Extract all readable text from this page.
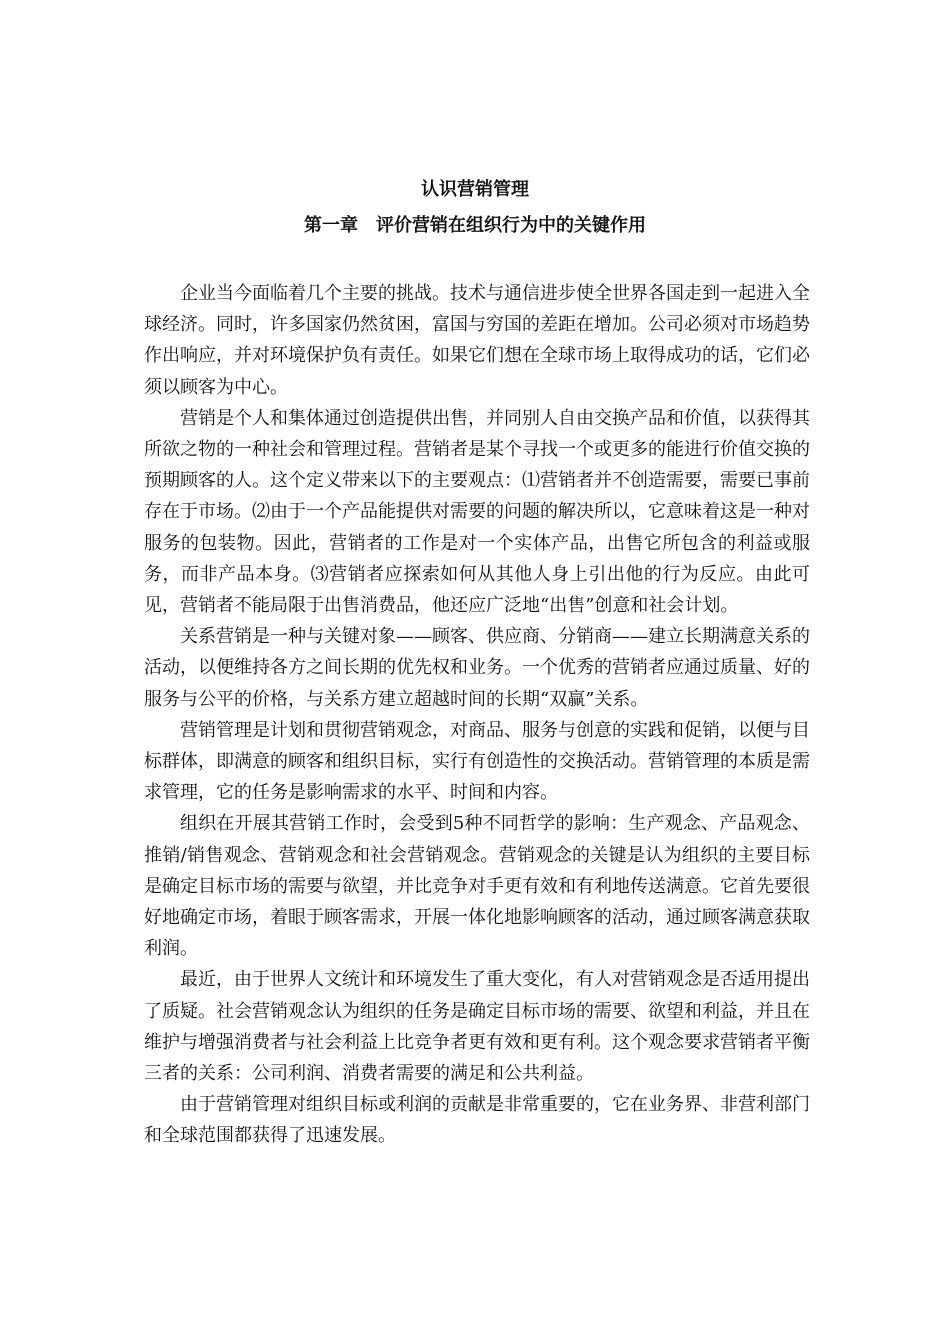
认识营销管理
第一章　评价营销在组织行为中的关键作用

企业当今面临着几个主要的挑战。技术与通信进步使全世界各国走到一起进入全球经济。同时，许多国家仍然贫困，富国与穷国的差距在增加。公司必须对市场趋势作出响应，并对环境保护负有责任。如果它们想在全球市场上取得成功的话，它们必须以顾客为中心。

营销是个人和集体通过创造提供出售，并同别人自由交换产品和价值，以获得其所欲之物的一种社会和管理过程。营销者是某个寻找一个或更多的能进行价值交换的预期顾客的人。这个定义带来以下的主要观点：⑴营销者并不创造需要，需要已事前存在于市场。⑵由于一个产品能提供对需要的问题的解决所以，它意味着这是一种对服务的包装物。因此，营销者的工作是对一个实体产品，出售它所包含的利益或服务，而非产品本身。⑶营销者应探索如何从其他人身上引出他的行为反应。由此可见，营销者不能局限于出售消费品，他还应广泛地“出售”创意和社会计划。

关系营销是一种与关键对象——顾客、供应商、分销商——建立长期满意关系的活动，以便维持各方之间长期的优先权和业务。一个优秀的营销者应通过质量、好的服务与公平的价格，与关系方建立超越时间的长期“双赢”关系。

营销管理是计划和贯彻营销观念，对商品、服务与创意的实践和促销，以便与目标群体，即满意的顾客和组织目标，实行有创造性的交换活动。营销管理的本质是需求管理，它的任务是影响需求的水平、时间和内容。

组织在开展其营销工作时，会受到5种不同哲学的影响：生产观念、产品观念、推销/销售观念、营销观念和社会营销观念。营销观念的关键是认为组织的主要目标是确定目标市场的需要与欲望，并比竞争对手更有效和有利地传送满意。它首先要很好地确定市场，着眼于顾客需求，开展一体化地影响顾客的活动，通过顾客满意获取利润。

最近，由于世界人文统计和环境发生了重大变化，有人对营销观念是否适用提出了质疑。社会营销观念认为组织的任务是确定目标市场的需要、欲望和利益，并且在维护与增强消费者与社会利益上比竞争者更有效和更有利。这个观念要求营销者平衡三者的关系：公司利润、消费者需要的满足和公共利益。

由于营销管理对组织目标或利润的贡献是非常重要的，它在业务界、非营利部门和全球范围都获得了迅速发展。
